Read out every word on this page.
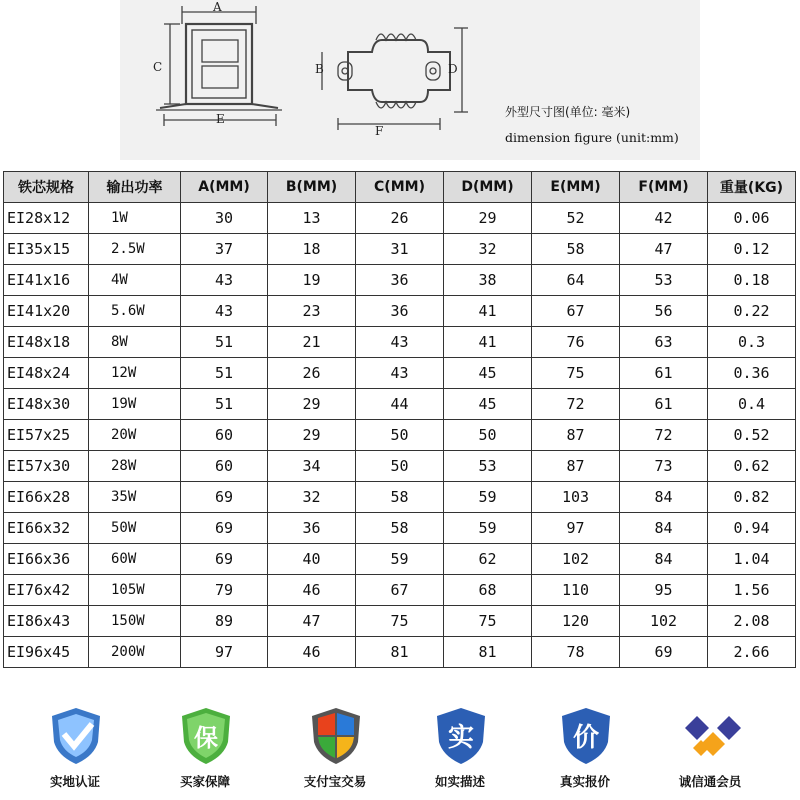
A
B
C	D
E
F
外型尺寸图(单位: 毫米)
dimension figure (unit:mm)
铁芯规格	输出功率	A(MM)	B(MM)	C(MM)	D(MM)	E(MM)	F(MM)	重量(KG)
EI28x12	1W	30	13	26	29	52	42	0.06
EI35x15	2.5W	37	18	31	32	58	47	0.12
EI41x16	4W	43	19	36	38	64	53	0.18
EI41x20	5.6W	43	23	36	41	67	56	0.22
EI48x18	8W	51	21	43	41	76	63	0.3
EI48x24	12W	51	26	43	45	75	61	0.36
EI48x30	19W	51	29	44	45	72	61	0.4
EI57x25	20W	60	29	50	50	87	72	0.52
EI57x30	28W	60	34	50	53	87	73	0.62
EI66x28	35W	69	32	58	59	103	84	0.82
EI66x32	50W	69	36	58	59	97	84	0.94
EI66x36	60W	69	40	59	62	102	84	1.04
EI76x42	105W	79	46	67	68	110	95	1.56
EI86x43	150W	89	47	75	75	120	102	2.08
EI96x45	200W	97	46	81	81	78	69	2.66
实地认证
保
买家保障	支付宝交易
实
如实描述
价
真实报价	诚信通会员
